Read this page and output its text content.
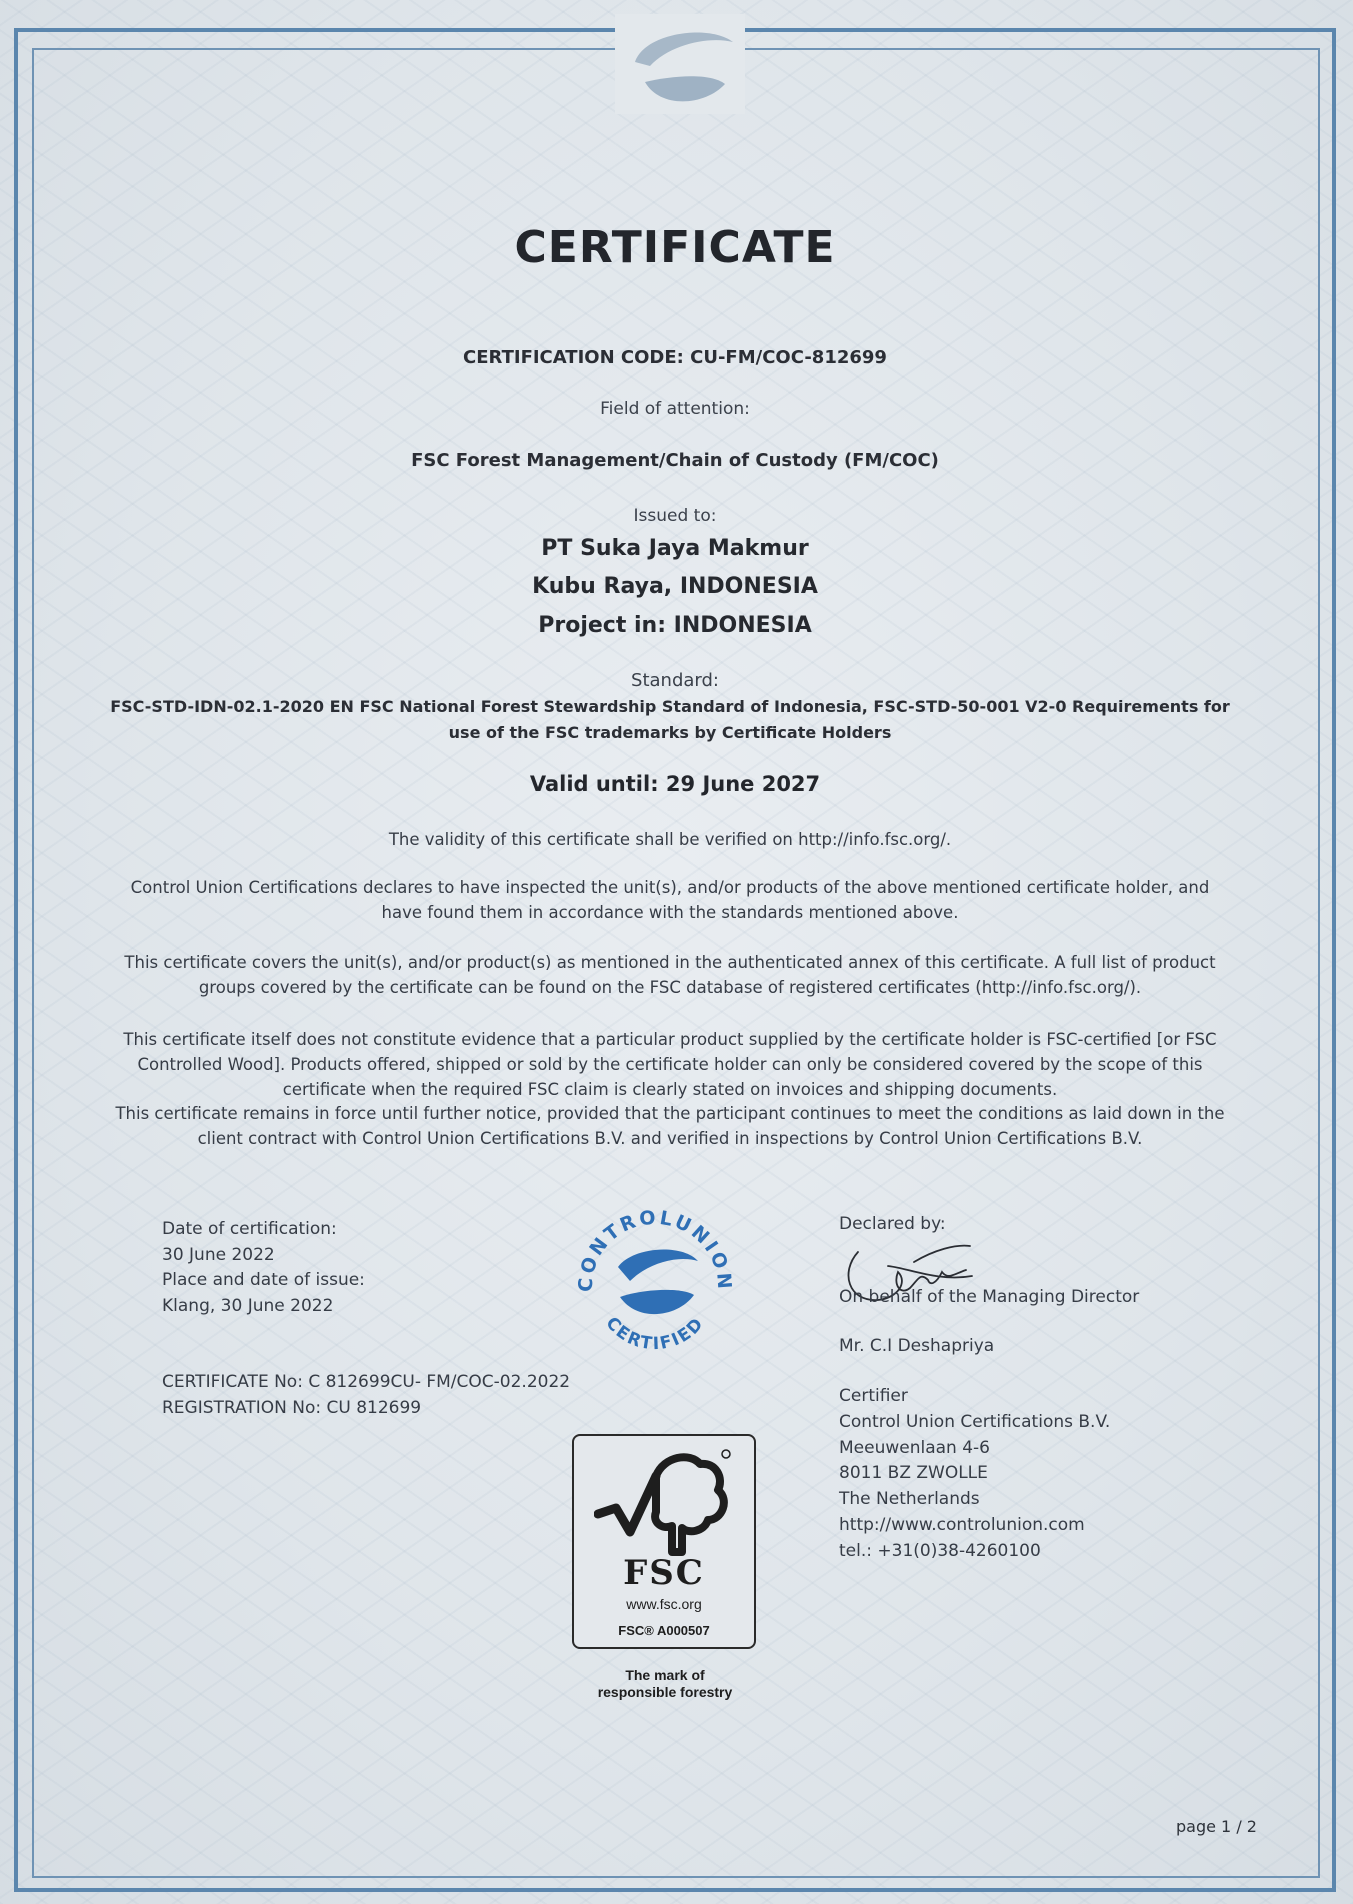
CERTIFICATE
CERTIFICATION CODE: CU-FM/COC-812699
Field of attention:
FSC Forest Management/Chain of Custody (FM/COC)
Issued to:
PT Suka Jaya Makmur
Kubu Raya, INDONESIA
Project in: INDONESIA
Standard:
FSC-STD-IDN-02.1-2020 EN FSC National Forest Stewardship Standard of Indonesia, FSC-STD-50-001 V2-0 Requirements for use of the FSC trademarks by Certificate Holders
Valid until: 29 June 2027
The validity of this certificate shall be verified on http://info.fsc.org/.
Control Union Certifications declares to have inspected the unit(s), and/or products of the above mentioned certificate holder, and have found them in accordance with the standards mentioned above.
This certificate covers the unit(s), and/or product(s) as mentioned in the authenticated annex of this certificate. A full list of product groups covered by the certificate can be found on the FSC database of registered certificates (http://info.fsc.org/).
This certificate itself does not constitute evidence that a particular product supplied by the certificate holder is FSC-certified [or FSC Controlled Wood]. Products offered, shipped or sold by the certificate holder can only be considered covered by the scope of this certificate when the required FSC claim is clearly stated on invoices and shipping documents.
This certificate remains in force until further notice, provided that the participant continues to meet the conditions as laid down in the client contract with Control Union Certifications B.V. and verified in inspections by Control Union Certifications B.V.
Date of certification:
30 June 2022
Place and date of issue:
Klang, 30 June 2022
CERTIFICATE No: C 812699CU- FM/COC-02.2022
REGISTRATION No: CU 812699
CONTROLUNION
CERTIFIED
FSC
www.fsc.org
FSC® A000507
The mark of
responsible forestry
Declared by:
On behalf of the Managing Director
Mr. C.I Deshapriya
Certifier
Control Union Certifications B.V.
Meeuwenlaan 4-6
8011 BZ ZWOLLE
The Netherlands
http://www.controlunion.com
tel.: +31(0)38-4260100
page 1 / 2
